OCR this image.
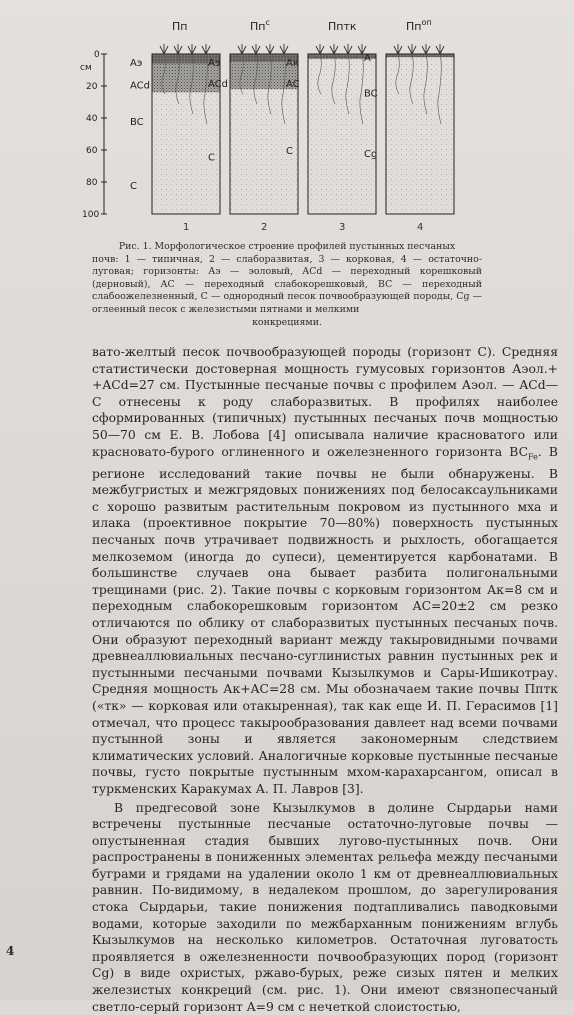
см
0
20
40
60
80
100
Аэ
ACd
BC
C
Пп
1
Аэ
ACd
C
$Пп^c$
2
Ак
AC
C
Пптк
3
A
BC
Cg
$Пп^{оп}$
4
Рис. 1. Морфологическое строение профилей пустынных песчаных
почв: 1 — типичная, 2 — слаборазвитая, 3 — корковая, 4 — остаточно-луговая; горизонты: Аэ — эоловый, ACd — переходный корешковый (дерновый), AC — переходный слабокорешковый, BC — переходный слабоожелезненный, C — однородный песок почвообразующей породы, Cg — оглеенный песок с железистыми пятнами и мелкими
конкрециями.

вато-желтый песок почвообразующей породы (горизонт C). Средняя статистически достоверная мощность гумусовых горизонтов Аэол.+ +ACd=27 см. Пустынные песчаные почвы с профилем Аэол. — ACd— C отнесены к роду слаборазвитых. В профилях наиболее сформированных (типичных) пустынных песчаных почв мощностью 50—70 см Е. В. Лобова [4] описывала наличие красноватого или красновато-бурого оглиненного и ожелезненного горизонта $BC_{Fe}$. В регионе исследований такие почвы не были обнаружены. В межбугристых и межгрядовых понижениях под белосаксаульниками с хорошо развитым растительным покровом из пустынного мха и илака (проективное покрытие 70—80%) поверхность пустынных песчаных почв утрачивает подвижность и рыхлость, обогащается мелкоземом (иногда до супеси), цементируется карбонатами. В большинстве случаев она бывает разбита полигональными трещинами (рис. 2). Такие почвы с корковым горизонтом Ак=8 см и переходным слабокорешковым горизонтом AC=20±2 см резко отличаются по облику от слаборазвитых пустынных песчаных почв. Они образуют переходный вариант между такыровидными почвами древнеаллювиальных песчано-суглинистых равнин пустынных рек и пустынными песчаными почвами Кызылкумов и Сары-Ишикотрау. Средняя мощность Ак+AC=28 см. Мы обозначаем такие почвы Пптк («тк» — корковая или отакыренная), так как еще И. П. Герасимов [1] отмечал, что процесс такырообразования давлеет над всеми почвами пустынной зоны и является закономерным следствием климатических условий. Аналогичные корковые пустынные песчаные почвы, густо покрытые пустынным мхом-карахарсангом, описал в туркменских Каракумах А. П. Лавров [3].

В предгесовой зоне Кызылкумов в долине Сырдарьи нами встречены пустынные песчаные остаточно-луговые почвы — опустыненная стадия бывших лугово-пустынных почв. Они распространены в пониженных элементах рельефа между песчаными буграми и грядами на удалении около 1 км от древнеаллювиальных равнин. По-видимому, в недалеком прошлом, до зарегулирования стока Сырдарьи, такие понижения подтапливались паводковыми водами, которые заходили по межбарханным понижениям вглубь Кызылкумов на несколько километров. Остаточная луговатость проявляется в ожелезненности почвообразующих пород (горизонт Cg) в виде охристых, ржаво-бурых, реже сизых пятен и мелких железистых конкреций (см. рис. 1). Они имеют связнопесчаный светло-серый горизонт A=9 см с нечеткой слоистостью,

4
